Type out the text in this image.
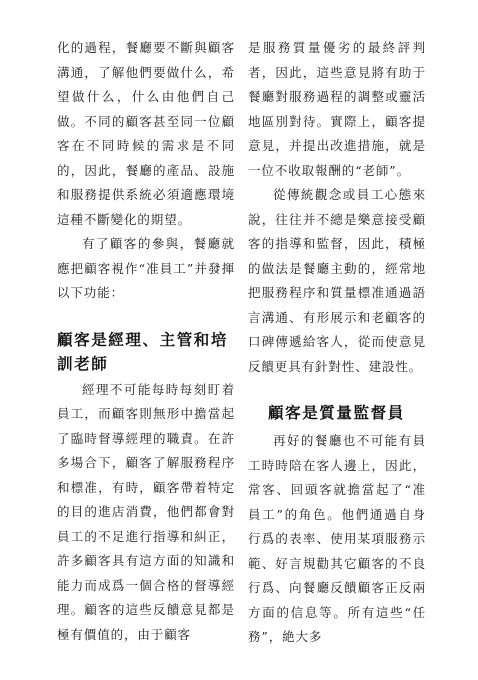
化的過程，餐廳要不斷與顧客溝通，了解他們要做什么，希望做什么，什么由他們自己做。不同的顧客甚至同一位顧客在不同時候的需求是不同的，因此，餐廳的產品、設施和服務提供系統必須適應環境這種不斷變化的期望。

有了顧客的參與，餐廳就應把顧客視作“准員工”并發揮以下功能：

顧客是經理、主管和培訓老師

經理不可能每時每刻盯着員工，而顧客則無形中擔當起了臨時督導經理的職責。在許多場合下，顧客了解服務程序和標准，有時，顧客帶着特定的目的進店消費，他們都會對員工的不足進行指導和糾正，許多顧客具有這方面的知識和能力而成爲一個合格的督導經理。顧客的這些反饋意見都是極有價值的，由于顧客

是服務質量優劣的最終評判者，因此，這些意見將有助于餐廳對服務過程的調整或靈活地區別對待。實際上，顧客提意見，并提出改進措施，就是一位不收取報酬的“老師”。

從傳統觀念或員工心態來說，往往并不總是樂意接受顧客的指導和監督，因此，積極的做法是餐廳主動的，經常地把服務程序和質量標准通過語言溝通、有形展示和老顧客的口碑傳遞給客人，從而使意見反饋更具有針對性、建設性。

顧客是質量監督員

再好的餐廳也不可能有員工時時陪在客人邊上，因此，常客、回頭客就擔當起了“准員工”的角色。他們通過自身行爲的表率、使用某項服務示範、好言規勸其它顧客的不良行爲、向餐廳反饋顧客正反兩方面的信息等。所有這些“任務”，絶大多
